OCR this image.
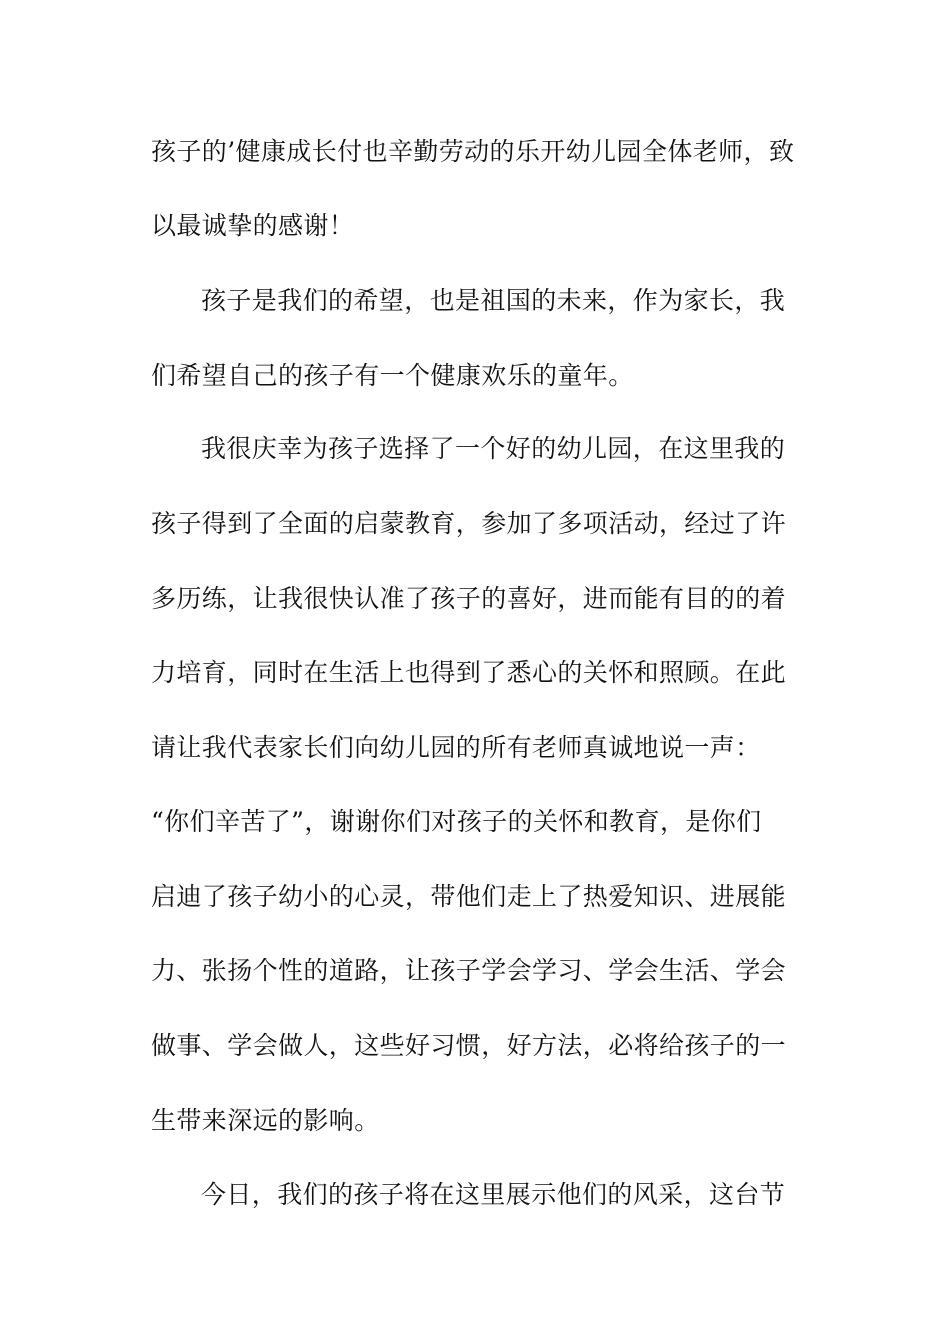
孩子的’健康成长付也辛勤劳动的乐开幼儿园全体老师，致
以最诚挚的感谢！
孩子是我们的希望，也是祖国的未来，作为家长，我
们希望自己的孩子有一个健康欢乐的童年。
我很庆幸为孩子选择了一个好的幼儿园，在这里我的
孩子得到了全面的启蒙教育，参加了多项活动，经过了许
多历练，让我很快认准了孩子的喜好，进而能有目的的着
力培育，同时在生活上也得到了悉心的关怀和照顾。在此
请让我代表家长们向幼儿园的所有老师真诚地说一声：
“你们辛苦了”，谢谢你们对孩子的关怀和教育，是你们
启迪了孩子幼小的心灵，带他们走上了热爱知识、进展能
力、张扬个性的道路，让孩子学会学习、学会生活、学会
做事、学会做人，这些好习惯，好方法，必将给孩子的一
生带来深远的影响。
今日，我们的孩子将在这里展示他们的风采，这台节
